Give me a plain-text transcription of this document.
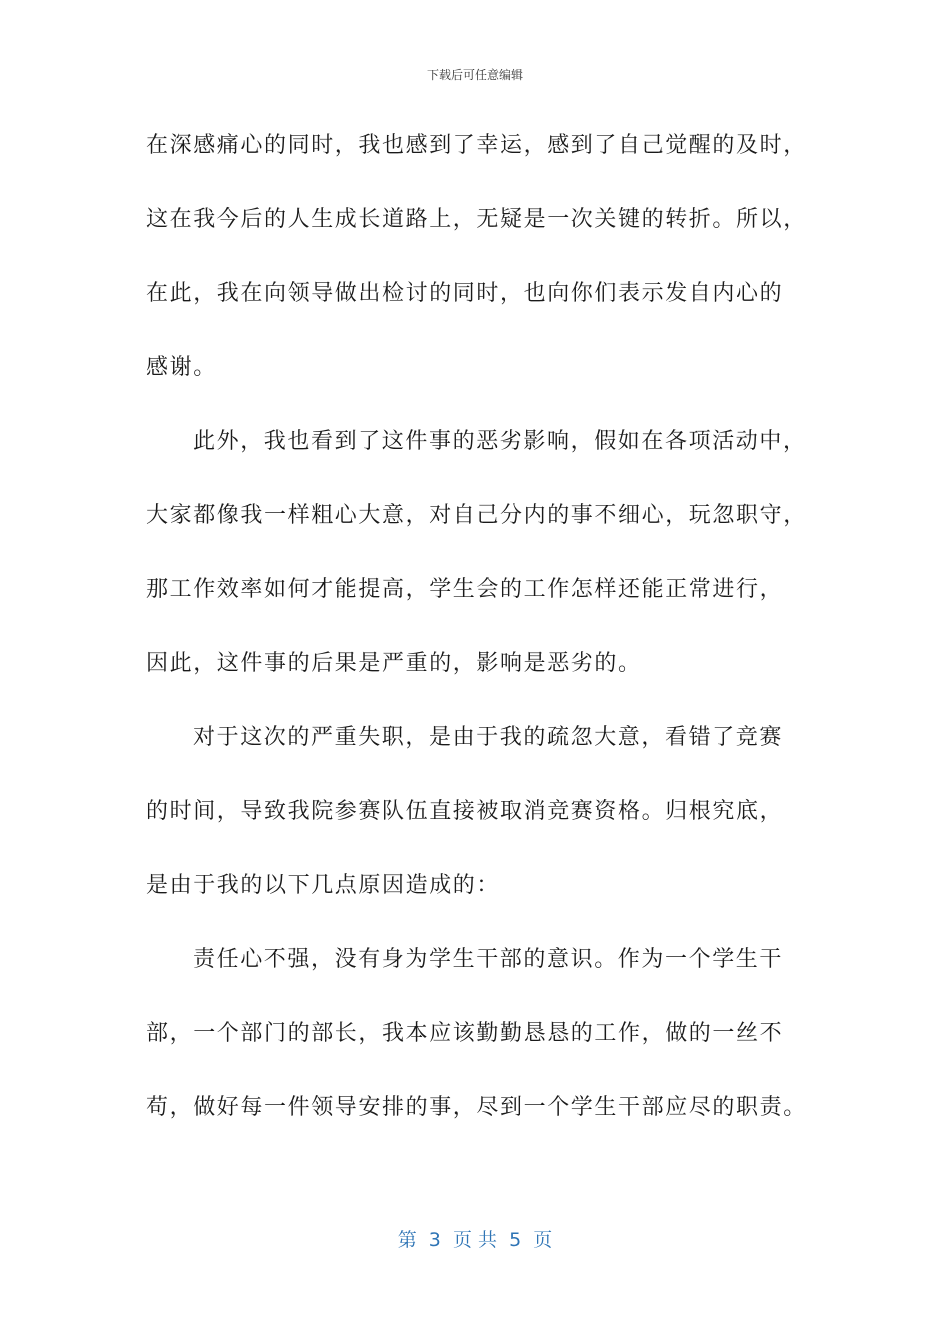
下载后可任意编辑
在深感痛心的同时，我也感到了幸运，感到了自己觉醒的及时，
这在我今后的人生成长道路上，无疑是一次关键的转折。所以，
在此，我在向领导做出检讨的同时，也向你们表示发自内心的
感谢。
此外，我也看到了这件事的恶劣影响，假如在各项活动中，
大家都像我一样粗心大意，对自己分内的事不细心，玩忽职守，
那工作效率如何才能提高，学生会的工作怎样还能正常进行，
因此，这件事的后果是严重的，影响是恶劣的。
对于这次的严重失职，是由于我的疏忽大意，看错了竞赛
的时间，导致我院参赛队伍直接被取消竞赛资格。归根究底，
是由于我的以下几点原因造成的：
责任心不强，没有身为学生干部的意识。作为一个学生干
部，一个部门的部长，我本应该勤勤恳恳的工作，做的一丝不
苟，做好每一件领导安排的事，尽到一个学生干部应尽的职责。
第  3  页 共  5  页
